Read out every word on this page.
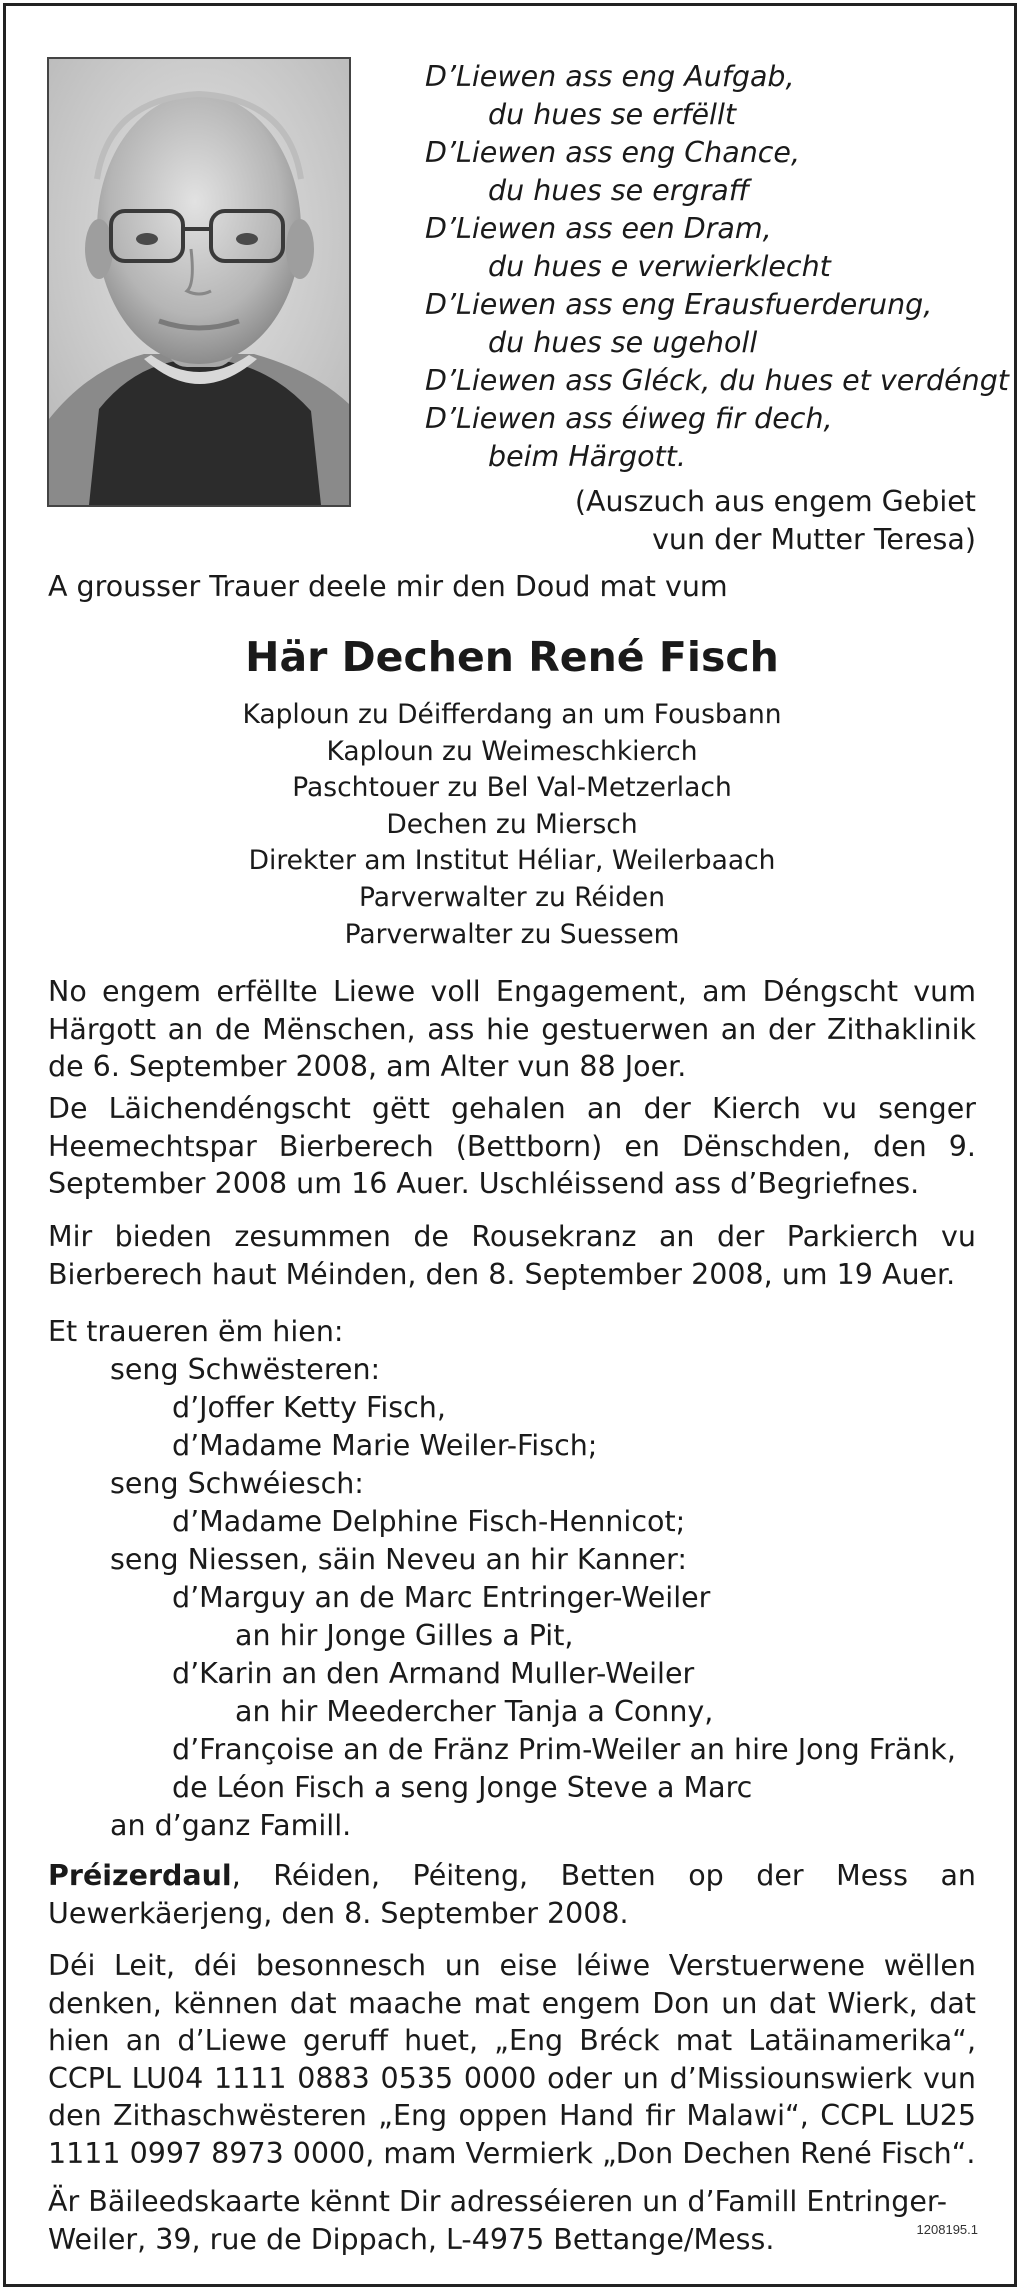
D’Liewen ass eng Aufgab,
du hues se erfëllt
D’Liewen ass eng Chance,
du hues se ergraff
D’Liewen ass een Dram,
du hues e verwierklecht
D’Liewen ass eng Erausfuerderung,
du hues se ugeholl
D’Liewen ass Gléck, du hues et verdéngt
D’Liewen ass éiweg fir dech,
beim Härgott.
(Auszuch aus engem Gebiet
vun der Mutter Teresa)
A grousser Trauer deele mir den Doud mat vum
Här Dechen René Fisch
Kaploun zu Déifferdang an um Fousbann
Kaploun zu Weimeschkierch
Paschtouer zu Bel Val-Metzerlach
Dechen zu Miersch
Direkter am Institut Héliar, Weilerbaach
Parverwalter zu Réiden
Parverwalter zu Suessem
No engem erfëllte Liewe voll Engagement, am Déngscht vum Härgott an de Mënschen, ass hie gestuerwen an der Zithaklinik de 6. September 2008, am Alter vun 88 Joer.
De Läichendéngscht gëtt gehalen an der Kierch vu senger Heemechtspar Bierberech (Bettborn) en Dënschden, den 9. September 2008 um 16 Auer. Uschléissend ass d’Begriefnes.
Mir bieden zesummen de Rousekranz an der Parkierch vu Bierberech haut Méinden, den 8. September 2008, um 19 Auer.
Et traueren ëm hien:
seng Schwësteren:
d’Joffer Ketty Fisch,
d’Madame Marie Weiler-Fisch;
seng Schwéiesch:
d’Madame Delphine Fisch-Hennicot;
seng Niessen, säin Neveu an hir Kanner:
d’Marguy an de Marc Entringer-Weiler
an hir Jonge Gilles a Pit,
d’Karin an den Armand Muller-Weiler
an hir Meedercher Tanja a Conny,
d’Françoise an de Fränz Prim-Weiler an hire Jong Fränk,
de Léon Fisch a seng Jonge Steve a Marc
an d’ganz Famill.
Préizerdaul, Réiden, Péiteng, Betten op der Mess an Uewerkäerjeng, den 8. September 2008.
Déi Leit, déi besonnesch un eise léiwe Verstuerwene wëllen denken, kënnen dat maache mat engem Don un dat Wierk, dat hien an d’Liewe geruff huet, „Eng Bréck mat Latäinamerika“, CCPL LU04 1111 0883 0535 0000 oder un d’Missiounswierk vun den Zithaschwësteren „Eng oppen Hand fir Malawi“, CCPL LU25 1111 0997 8973 0000, mam Vermierk „Don Dechen René Fisch“.
Är Bäileedskaarte kënnt Dir adresséieren un d’Famill Entringer-Weiler, 39, rue de Dippach, L-4975 Bettange/Mess.	1208195.1
